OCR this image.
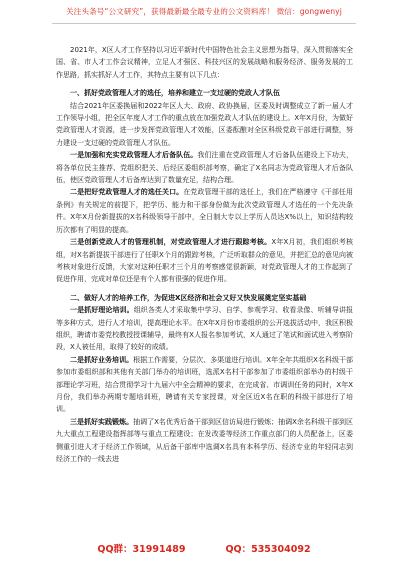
关注头条号“公文研究”，获得最新最全最专业的公文资料库！ 微信：gongwenyj

2021年，X区人才工作坚持以习近平新时代中国特色社会主义思想为指导，深入贯彻落实全国、省、市人才工作会议精神，立足人才强区、科技兴区的发展战略和服务经济、服务发展的工作思路，抓实抓好人才工作，其特点主要有以下几点：

一、抓好党政管理人才的选任，培养和建立一支过硬的党政人才队伍

结合2021年区委换届和2022年区人大、政府、政协换届，区委及时调整成立了新一届人才工作领导小组，把全区年度人才工作的重点放在加强党政人才队伍的建设上。X年X月份，为做好党政管理人才资源，进一步发挥党政管理人才效能，区委酝酿对全区科级党政干部进行调整，努力建设一支过硬的党政管理人才队伍。

一是加强和充实党政管理人才后备队伍。我们注重在党政管理人才后备队伍建设上下功夫，将各单位民主推荐、党组织把关、后经区委组织部考察，确定了X名同志为党政管理人才后备队伍，使区党政管理人才后备库达到了数量充足，结构合理。

二是把好党政管理人才的选任关口。在党政管理干部的选任上，我们在严格遵守《干部任用条例》有关规定的前提下，把学历、能力和干部身份做为此次党政管理人才选任的一个先决条件。X年X月份新提拔的X名科级领导干部中，全日制大专以上学历人员达X%以上，知识结构较历次都有了明显的提高。

三是创新党政人才的管理机制，对党政管理人才进行跟踪考核。X年X月初，我们组织考核组，对X名新提拔干部进行了任职X个月的跟踪考核，广泛听取群众的意见，并把汇总的意见向被考核对象进行反馈，大家对这种任职才三个月的考察感觉很新颖，对党政管理人才的工作起到了促进作用，完成对单位还是有个人都有很强的促进作用。

二、做好人才的培养工作，为促进X区经济和社会又好又快发展奠定坚实基础

一是抓好理论培训。组织各类人才采取集中学习、自学、参观学习、收看录像、听辅导讲报等多种方式，进行人才培训，提高理论水平。在X年X月份市委组织的公开选拔活动中，我区积极组织，聘请市委党校教授授课辅导，最终有X人报名参加考试，X人通过了笔试和面试进入考察阶段，X人被任用，取得了较好的成绩。

二是抓好业务培训。根据工作需要，分层次、多渠道进行培训。X年全年共组织X名科级干部参加市委组织部和其他有关部门举办的培训班，选派X名村干部参加了市委组织部举办的村级干部理论学习班，结合贯彻学习十九届六中全会精神的要求，在完成省、市调训任务的同时，X年X月份，我们举办两期专题培训班，聘请有关专家授课，对全区近X名在职的科级干部进行了培训。

三是抓好实践锻炼。抽调了X名优秀后备干部到区信访局进行锻炼；抽调X余名科级干部到区九大重点工程建设指挥部等与重点工程建设；在发改委等经济工作重点部门的人员配备上，区委侧重引进人才于经济工作领域，从后备干部库中选调X名具有本科学历、经济专业的年轻同志到经济工作的一线去进

QQ群：31991489	QQ：535304092
